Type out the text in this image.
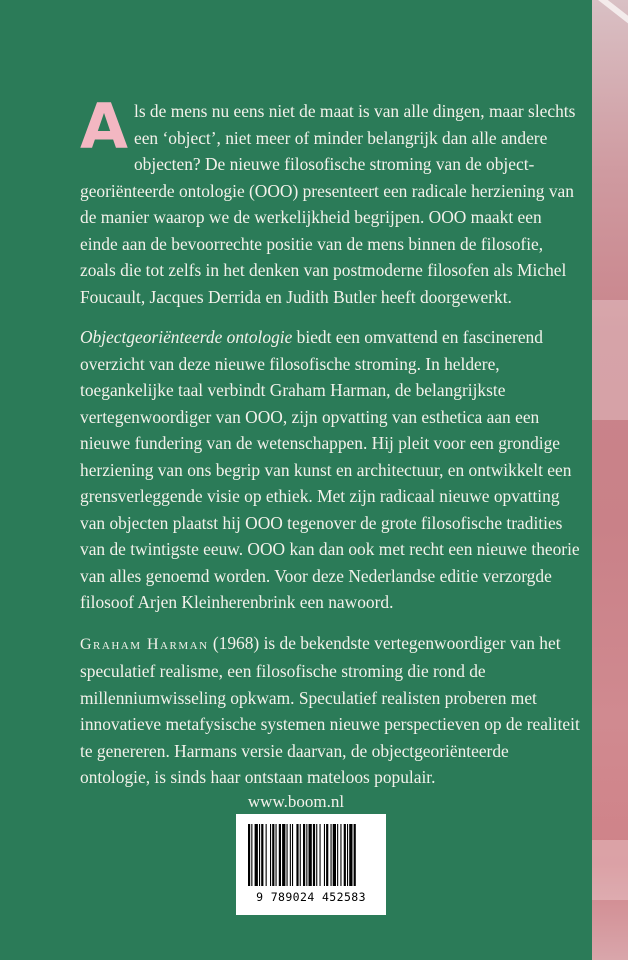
Als de mens nu eens niet de maat is van alle dingen, maar slechts een ‘object’, niet meer of minder belangrijk dan alle andere objecten? De nieuwe filosofische stroming van de objectgeoriënteerde ontologie (OOO) presenteert een radicale herziening van de manier waarop we de werkelijkheid begrijpen. OOO maakt een einde aan de bevoorrechte positie van de mens binnen de filosofie, zoals die tot zelfs in het denken van postmoderne filosofen als Michel Foucault, Jacques Derrida en Judith Butler heeft doorgewerkt.

Objectgeoriënteerde ontologie biedt een omvattend en fascinerend overzicht van deze nieuwe filosofische stroming. In heldere, toegankelijke taal verbindt Graham Harman, de belangrijkste vertegenwoordiger van OOO, zijn opvatting van esthetica aan een nieuwe fundering van de wetenschappen. Hij pleit voor een grondige herziening van ons begrip van kunst en architectuur, en ontwikkelt een grensverleggende visie op ethiek. Met zijn radicaal nieuwe opvatting van objecten plaatst hij OOO tegenover de grote filosofische tradities van de twintigste eeuw. OOO kan dan ook met recht een nieuwe theorie van alles genoemd worden. Voor deze Nederlandse editie verzorgde filosoof Arjen Kleinherenbrink een nawoord.

Graham Harman (1968) is de bekendste vertegenwoordiger van het speculatief realisme, een filosofische stroming die rond de millenniumwisseling opkwam. Speculatief realisten proberen met innovatieve metafysische systemen nieuwe perspectieven op de realiteit te genereren. Harmans versie daarvan, de objectgeoriënteerde ontologie, is sinds haar ontstaan mateloos populair.

www.boom.nl
9 789024 452583
